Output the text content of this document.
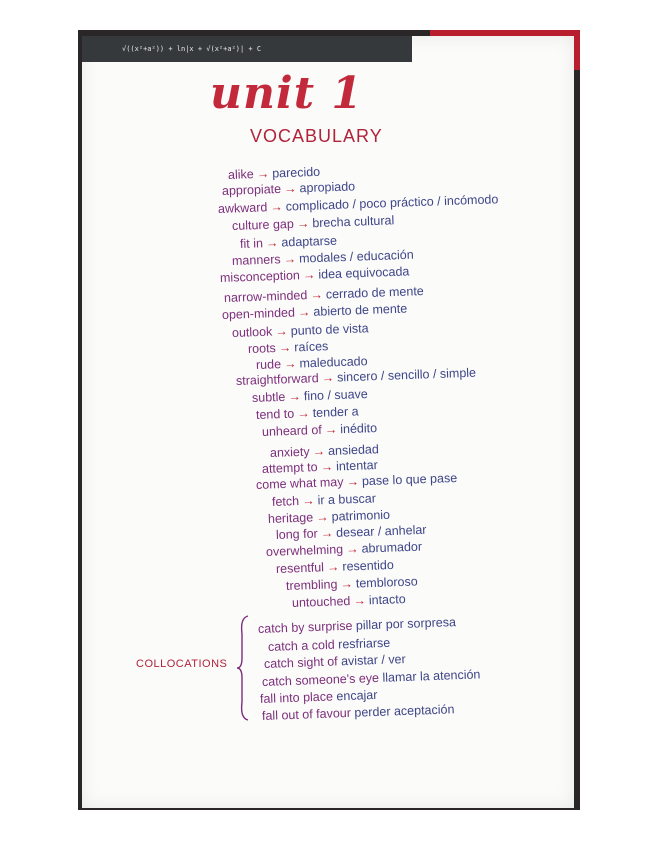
√((x²+a²)) + ln|x + √(x²+a²)| + C
unit 1
VOCABULARY
alike → parecido
appropiate → apropiado
awkward → complicado / poco práctico / incómodo
culture gap → brecha cultural
fit in → adaptarse
manners → modales / educación
misconception → idea equivocada
narrow-minded → cerrado de mente
open-minded → abierto de mente
outlook → punto de vista
roots → raíces
rude → maleducado
straightforward → sincero / sencillo / simple
subtle → fino / suave
tend to → tender a
unheard of → inédito
anxiety → ansiedad
attempt to → intentar
come what may → pase lo que pase
fetch → ir a buscar
heritage → patrimonio
long for → desear / anhelar
overwhelming → abrumador
resentful → resentido
trembling → tembloroso
untouched → intacto
catch by surprise pillar por sorpresa
catch a cold resfriarse
catch sight of avistar / ver
catch someone's eye llamar la atención
fall into place encajar
fall out of favour perder aceptación
COLLOCATIONS
